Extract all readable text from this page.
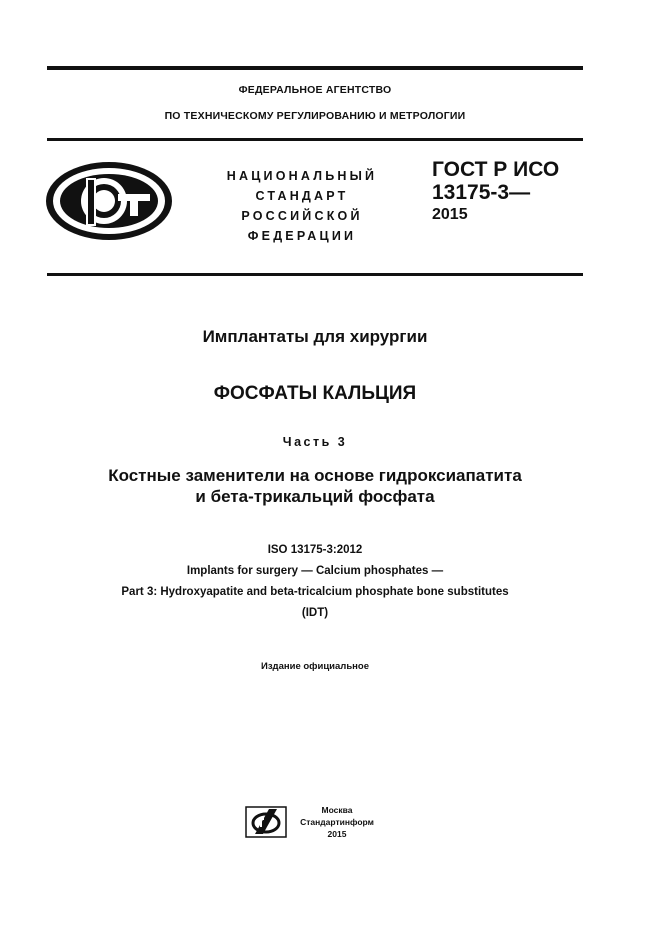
ФЕДЕРАЛЬНОЕ АГЕНТСТВО
ПО ТЕХНИЧЕСКОМУ РЕГУЛИРОВАНИЮ И МЕТРОЛОГИИ
НАЦИОНАЛЬНЫЙ
СТАНДАРТ
РОССИЙСКОЙ
ФЕДЕРАЦИИ
ГОСТ Р ИСО
13175-3—
2015
Имплантаты для хирургии
ФОСФАТЫ КАЛЬЦИЯ
Часть 3
Костные заменители на основе гидроксиапатита
и бета-трикальций фосфата
ISO 13175-3:2012
Implants for surgery — Calcium phosphates —
Part 3: Hydroxyapatite and beta-tricalcium phosphate bone substitutes
(IDT)
Издание официальное
Москва
Стандартинформ
2015
